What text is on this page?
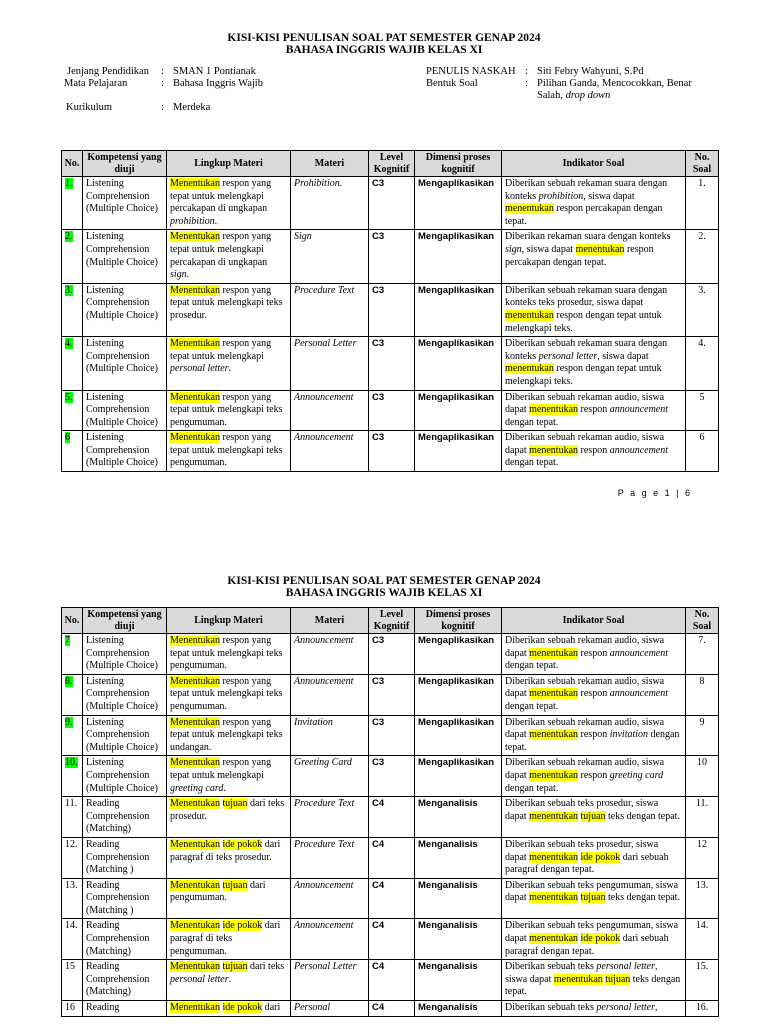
KISI-KISI PENULISAN SOAL PAT SEMESTER GENAP 2024
BAHASA INGGRIS WAJIB KELAS XI
Jenjang Pendidikan	: SMAN 1 Pontianak
Mata Pelajaran	: Bahasa Inggris Wajib
Kurikulum	: Merdeka
PENULIS NASKAH : Siti Febry Wahyuni, S.Pd
Bentuk Soal	: Pilihan Ganda, Mencocokkan, Benar
Salah, drop down
No.	Kompetensi yang diuji	Lingkup Materi	Materi	Level Kognitif	Dimensi proses kognitif	Indikator Soal	No. Soal
1.	Listening Comprehension (Multiple Choice)	Menentukan respon yang tepat untuk melengkapi percakapan di ungkapan prohibition.	Prohibition.	C3	Mengaplikasikan	Diberikan sebuah rekaman suara dengan konteks prohibition, siswa dapat menentukan respon percakapan dengan tepat.	1.
2.	Listening Comprehension (Multiple Choice)	Menentukan respon yang tepat untuk melengkapi percakapan di ungkapan sign.	Sign	C3	Mengaplikasikan	Diberikan rekaman suara dengan konteks sign, siswa dapat menentukan respon percakapan dengan tepat.	2.
3.	Listening Comprehension (Multiple Choice)	Menentukan respon yang tepat untuk melengkapi teks prosedur.	Procedure Text	C3	Mengaplikasikan	Diberikan sebuah rekaman suara dengan konteks teks prosedur, siswa dapat menentukan respon dengan tepat untuk melengkapi teks.	3.
4.	Listening Comprehension (Multiple Choice)	Menentukan respon yang tepat untuk melengkapi personal letter.	Personal Letter	C3	Mengaplikasikan	Diberikan sebuah rekaman suara dengan konteks personal letter, siswa dapat menentukan respon dengan tepat untuk melengkapi teks.	4.
5.	Listening Comprehension (Multiple Choice)	Menentukan respon yang tepat untuk melengkapi teks pengumuman.	Announcement	C3	Mengaplikasikan	Diberikan sebuah rekaman audio, siswa dapat menentukan respon announcement dengan tepat.	5
6	Listening Comprehension (Multiple Choice)	Menentukan respon yang tepat untuk melengkapi teks pengumuman.	Announcement	C3	Mengaplikasikan	Diberikan sebuah rekaman audio, siswa dapat menentukan respon announcement dengan tepat.	6
P a g e 1 | 6
KISI-KISI PENULISAN SOAL PAT SEMESTER GENAP 2024
BAHASA INGGRIS WAJIB KELAS XI
No.	Kompetensi yang diuji	Lingkup Materi	Materi	Level Kognitif	Dimensi proses kognitif	Indikator Soal	No. Soal
7	Listening Comprehension (Multiple Choice)	Menentukan respon yang tepat untuk melengkapi teks pengumuman.	Announcement	C3	Mengaplikasikan	Diberikan sebuah rekaman audio, siswa dapat menentukan respon announcement dengan tepat.	7.
8.	Listening Comprehension (Multiple Choice)	Menentukan respon yang tepat untuk melengkapi teks pengumuman.	Announcement	C3	Mengaplikasikan	Diberikan sebuah rekaman audio, siswa dapat menentukan respon announcement dengan tepat.	8
9.	Listening Comprehension (Multiple Choice)	Menentukan respon yang tepat untuk melengkapi teks undangan.	Invitation	C3	Mengaplikasikan	Diberikan sebuah rekaman audio, siswa dapat menentukan respon invitation dengan tepat.	9
10.	Listening Comprehension (Multiple Choice)	Menentukan respon yang tepat untuk melengkapi greeting card.	Greeting Card	C3	Mengaplikasikan	Diberikan sebuah rekaman audio, siswa dapat menentukan respon greeting card dengan tepat.	10
11.	Reading Comprehension (Matching)	Menentukan tujuan dari teks prosedur.	Procedure Text	C4	Menganalisis	Diberikan sebuah teks prosedur, siswa dapat menentukan tujuan teks dengan tepat.	11.
12.	Reading Comprehension (Matching )	Menentukan ide pokok dari paragraf di teks prosedur.	Procedure Text	C4	Menganalisis	Diberikan sebuah teks prosedur, siswa dapat menentukan ide pokok dari sebuah paragraf dengan tepat.	12
13.	Reading Comprehension (Matching )	Menentukan tujuan dari pengumuman.	Announcement	C4	Menganalisis	Diberikan sebuah teks pengumuman, siswa dapat menentukan tujuan teks dengan tepat.	13.
14.	Reading Comprehension (Matching)	Menentukan ide pokok dari paragraf di teks pengumuman.	Announcement	C4	Menganalisis	Diberikan sebuah teks pengumuman, siswa dapat menentukan ide pokok dari sebuah paragraf dengan tepat.	14.
15	Reading Comprehension (Matching)	Menentukan tujuan dari teks personal letter.	Personal Letter	C4	Menganalisis	Diberikan sebuah teks personal letter, siswa dapat menentukan tujuan teks dengan tepat.	15.
16	Reading	Menentukan ide pokok dari	Personal	C4	Menganalisis	Diberikan sebuah teks personal letter,	16.
